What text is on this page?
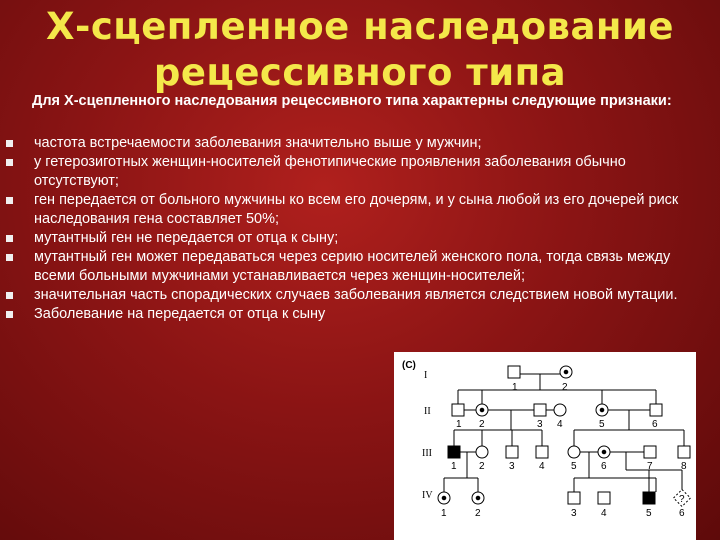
Х-сцепленное наследование рецессивного типа
Для Х-сцепленного наследования рецессивного типа характерны следующие признаки:
частота встречаемости заболевания значительно выше у мужчин;
у гетерозиготных женщин-носителей фенотипические проявления заболевания обычно отсутствуют;
ген передается от больного мужчины ко всем его дочерям, и у сына любой из его дочерей риск наследования гена составляет 50%;
мутантный ген не передается от отца к сыну;
мутантный ген может передаваться через серию носителей женского пола, тогда связь между всеми больными мужчинами устанавливается через женщин-носителей;
значительная часть спорадических случаев заболевания является следствием новой мутации.
Заболевание на передается от отца к сыну
(С)
I
II
III
IV	?
1	2
1 2	3 4	5	6
1 2 3 4	5 6	7	8
1	2	3 4	5	6
